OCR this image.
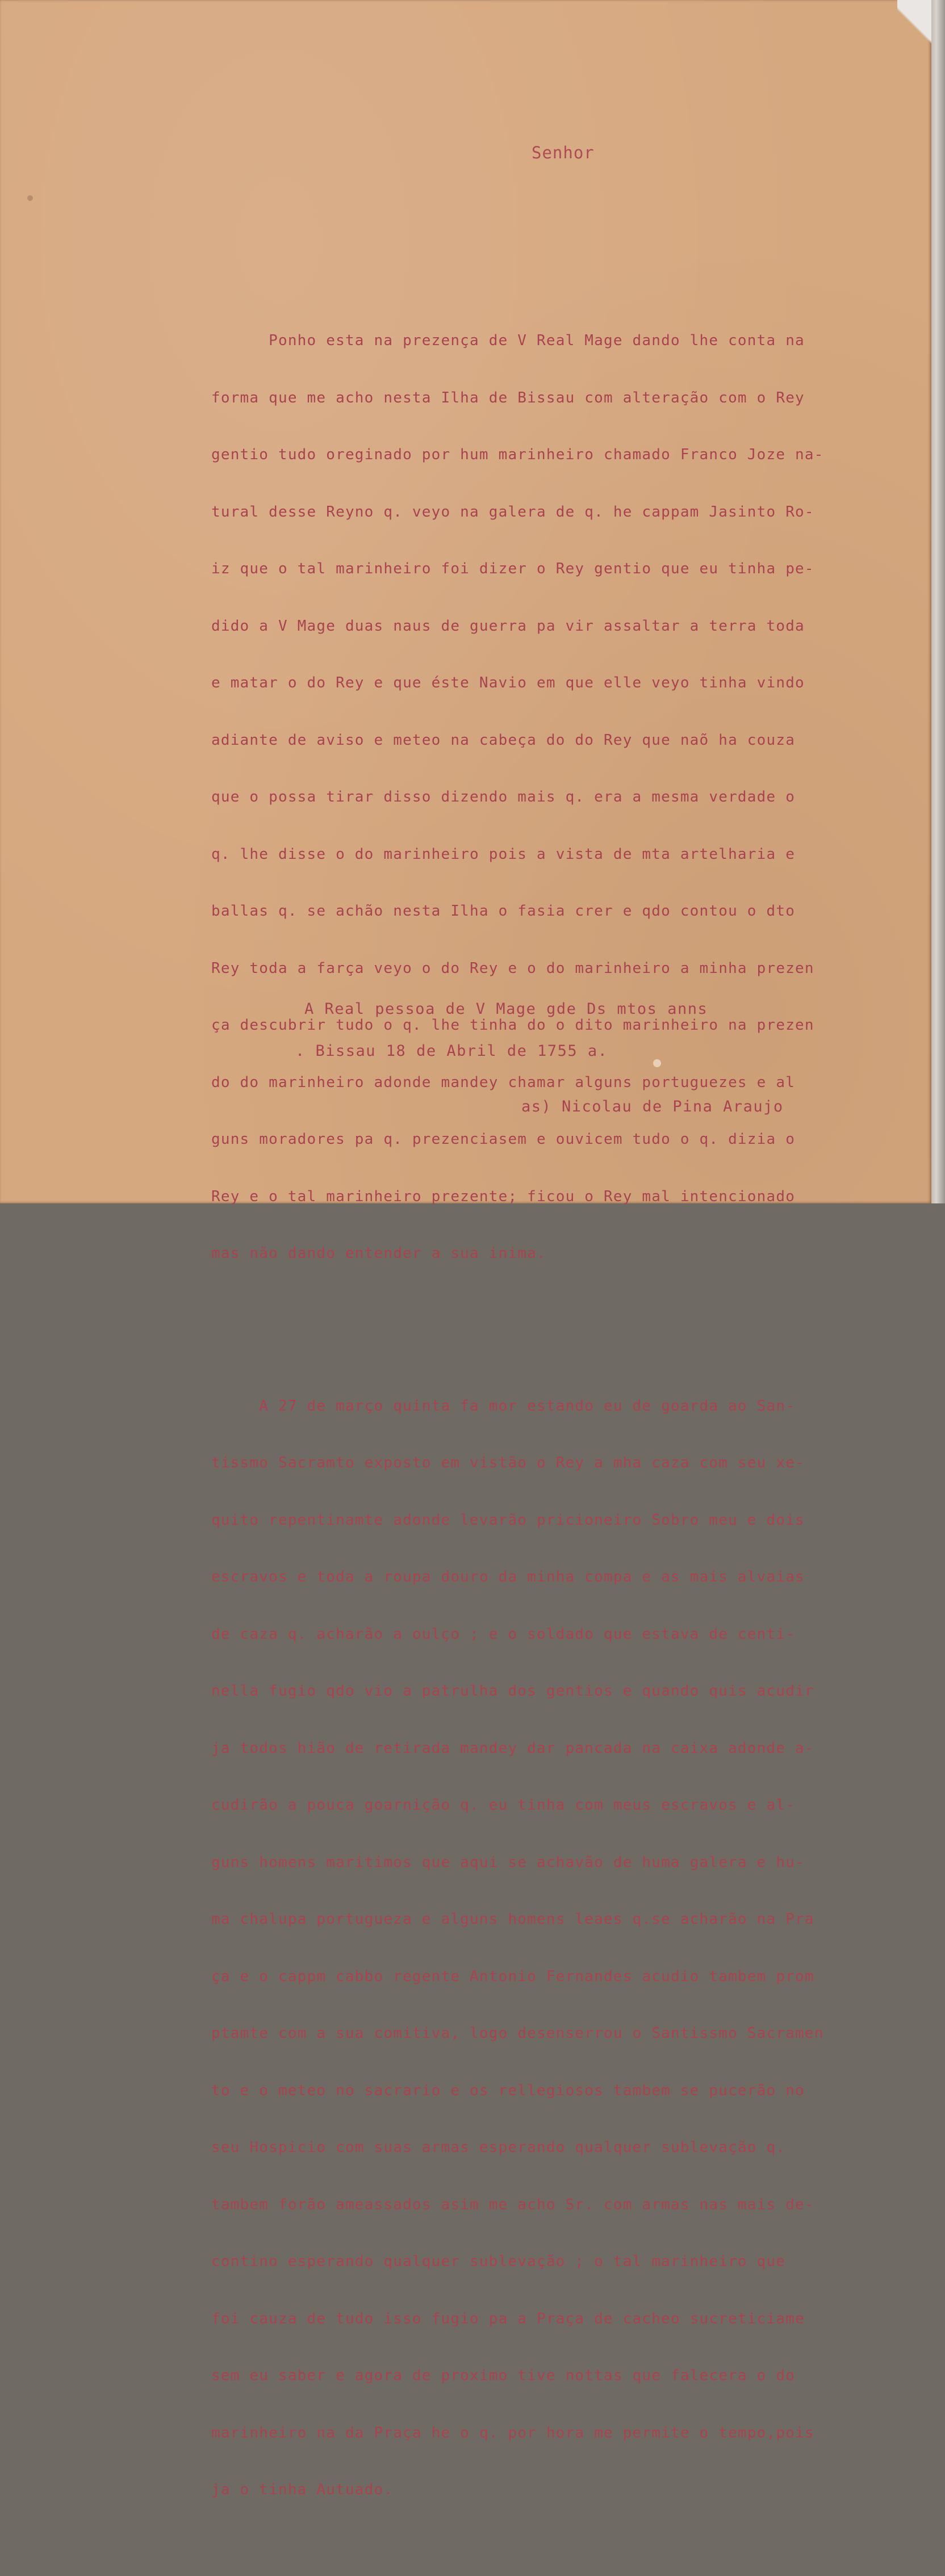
Senhor

Ponho esta na prezença de V Real Mage dando lhe conta na

forma que me acho nesta Ilha de Bissau com alteração com o Rey

gentio tudo oreginado por hum marinheiro chamado Franco Joze na-

tural desse Reyno q. veyo na galera de q. he cappam Jasinto Ro-

iz que o tal marinheiro foi dizer o Rey gentio que eu tinha pe-

dido a V Mage duas naus de guerra pa vir assaltar a terra toda

e matar o do Rey e que éste Navio em que elle veyo tinha vindo

adiante de aviso e meteo na cabeça do do Rey que naõ ha couza

que o possa tirar disso dizendo mais q. era a mesma verdade o

q. lhe disse o do marinheiro pois a vista de mta artelharia e

ballas q. se achão nesta Ilha o fasia crer e qdo contou o dto

Rey toda a farça veyo o do Rey e o do marinheiro a minha prezen

ça descubrir tudo o q. lhe tinha do o dito marinheiro na prezen

do do marinheiro adonde mandey chamar alguns portuguezes e al

guns moradores pa q. prezenciasem e ouvicem tudo o q. dizia o

Rey e o tal marinheiro prezente; ficou o Rey mal intencionado

mas não dando entender a sua inima.

A 27 de março quinta fa mor estando eu de goarda ao San-

tissmo Sacramto exposto em vistão o Rey a mha caza com seu xe-

quito repentinamte adonde levarão pricioneiro Sobro meu e dois

escravos e toda a roupa douro da minha compa e as mais alvaias

de caza q. acharão a oulço ; e o soldado que estava de centi-

nella fugio qdo vio a patrulha dos gentios e quando quis acudir

ja todos hião de retirada mandey dar pancada na caixa adonde a-

cudirão a pouca goarnição q. eu tinha com meus escravos e al-

guns homens maritimos que aqui se achavão de huma galera e hu-

ma chalupa portugueza e alguns homens leaes q.se acharão na Pra

ça e o cappm cabbo regente Antonio Fernandes acudio tambem prom

ptamte com a sua comitiva, logo desenserrou o Santissmo Sacramen

to e o meteo no sacrario e os rellegiosos tambem se pucerão no

seu Hospicio com suas armas esperando qualquer sublevação q.

tambem forão ameassados asim me acho Sr. com armas nas mais de-

contino esperando qualquer sublevação ; o tal marinheiro que

foi cauza de tudo isso fugio pa a Praça de cacheo sucreticiame

sem eu saber e agora de proximo tive nottas que falecera o do

marinheiro na da Praça he o q. por hora me permite o tempo,pois

ja o tinha Autuado.

A Real pessoa de V Mage gde Ds mtos anns
. Bissau 18 de Abril de 1755 a.
as) Nicolau de Pina Araujo
